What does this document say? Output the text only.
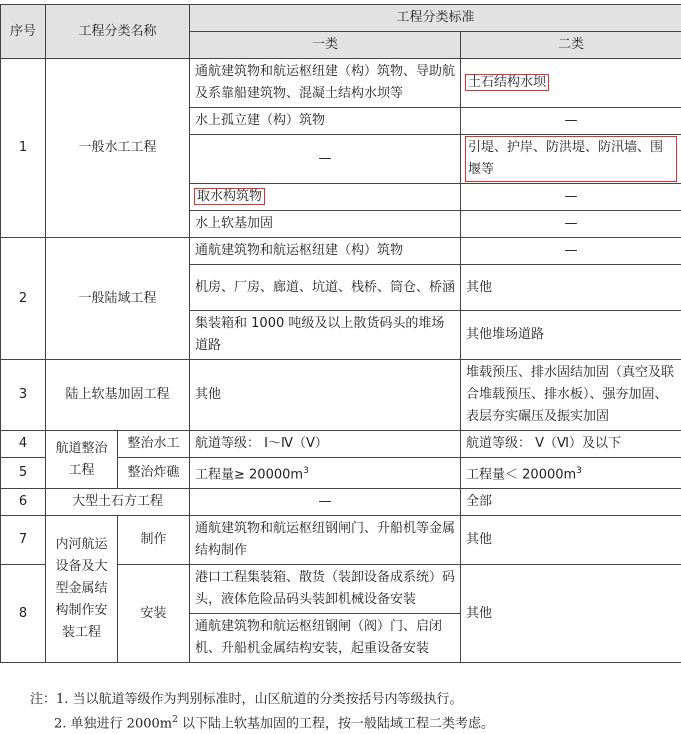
序号	工程分类名称		工程分类标准	
			一类	二类
1	一般水工工程		通航建筑物和航运枢纽建（构）筑物、导助航及系靠船建筑物、混凝土结构水坝等	土石结构水坝
			水上孤立建（构）筑物	—
			—	引堤、护岸、防洪堤、防汛墙、围堰等

			取水构筑物	—
			水上软基加固	—
2	一般陆域工程		通航建筑物和航运枢纽建（构）筑物	—
			机房、厂房、廊道、坑道、栈桥、筒仓、桥涵	其他
			集装箱和 1000 吨级及以上散货码头的堆场道路	其他堆场道路
3	陆上软基加固工程		其他	堆载预压、排水固结加固（真空及联合堆载预压、排水板）、强夯加固、表层夯实碾压及振实加固
4	航道整治工程	整治水工	航道等级： Ⅰ～Ⅳ（Ⅴ）	航道等级： Ⅴ（Ⅵ）及以下
5		整治炸礁	工程量≥ $20000m^3$	工程量＜ $20000m^3$
6	大型土石方工程		—	全部
7	内河航运设备及大型金属结构制作安装工程	制作	通航建筑物和航运枢纽钢闸门、升船机等金属结构制作	其他
8		安装	港口工程集装箱、散货（装卸设备成系统）码头，液体危险品码头装卸机械设备安装	其他
			通航建筑物和航运枢纽钢闸（阀）门、启闭机、升船机金属结构安装，起重设备安装	
注：1. 当以航道等级作为判别标准时，山区航道的分类按括号内等级执行。
2. 单独进行 $2000m^2$ 以下陆上软基加固的工程，按一般陆域工程二类考虑。
